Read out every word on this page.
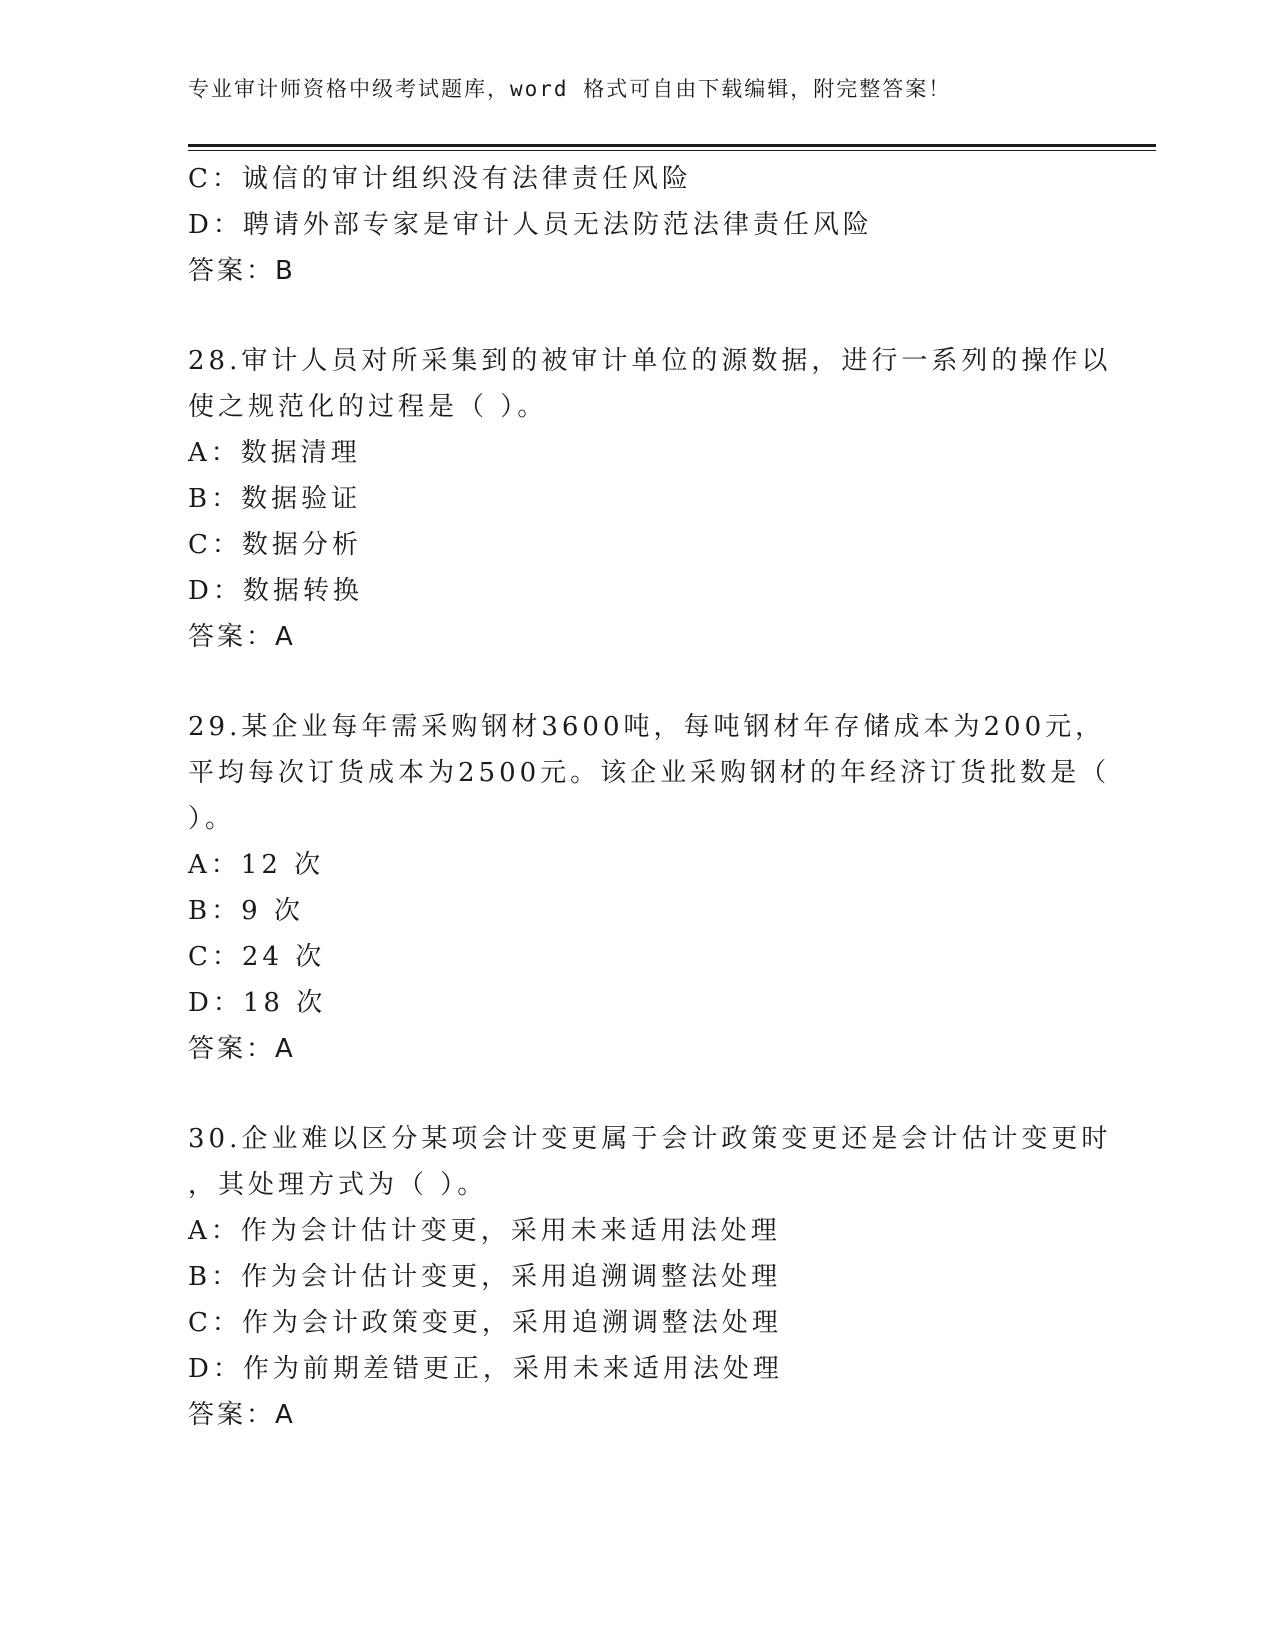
专业审计师资格中级考试题库，word 格式可自由下载编辑，附完整答案！
C：诚信的审计组织没有法律责任风险
D：聘请外部专家是审计人员无法防范法律责任风险
答案：B
28.审计人员对所采集到的被审计单位的源数据，进行一系列的操作以
使之规范化的过程是（ ）。
A：数据清理
B：数据验证
C：数据分析
D：数据转换
答案：A
29.某企业每年需采购钢材3600吨，每吨钢材年存储成本为200元，
平均每次订货成本为2500元。该企业采购钢材的年经济订货批数是（
）。
A：12 次
B：9 次
C：24 次
D：18 次
答案：A
30.企业难以区分某项会计变更属于会计政策变更还是会计估计变更时
，其处理方式为（ ）。
A：作为会计估计变更，采用未来适用法处理
B：作为会计估计变更，采用追溯调整法处理
C：作为会计政策变更，采用追溯调整法处理
D：作为前期差错更正，采用未来适用法处理
答案：A
